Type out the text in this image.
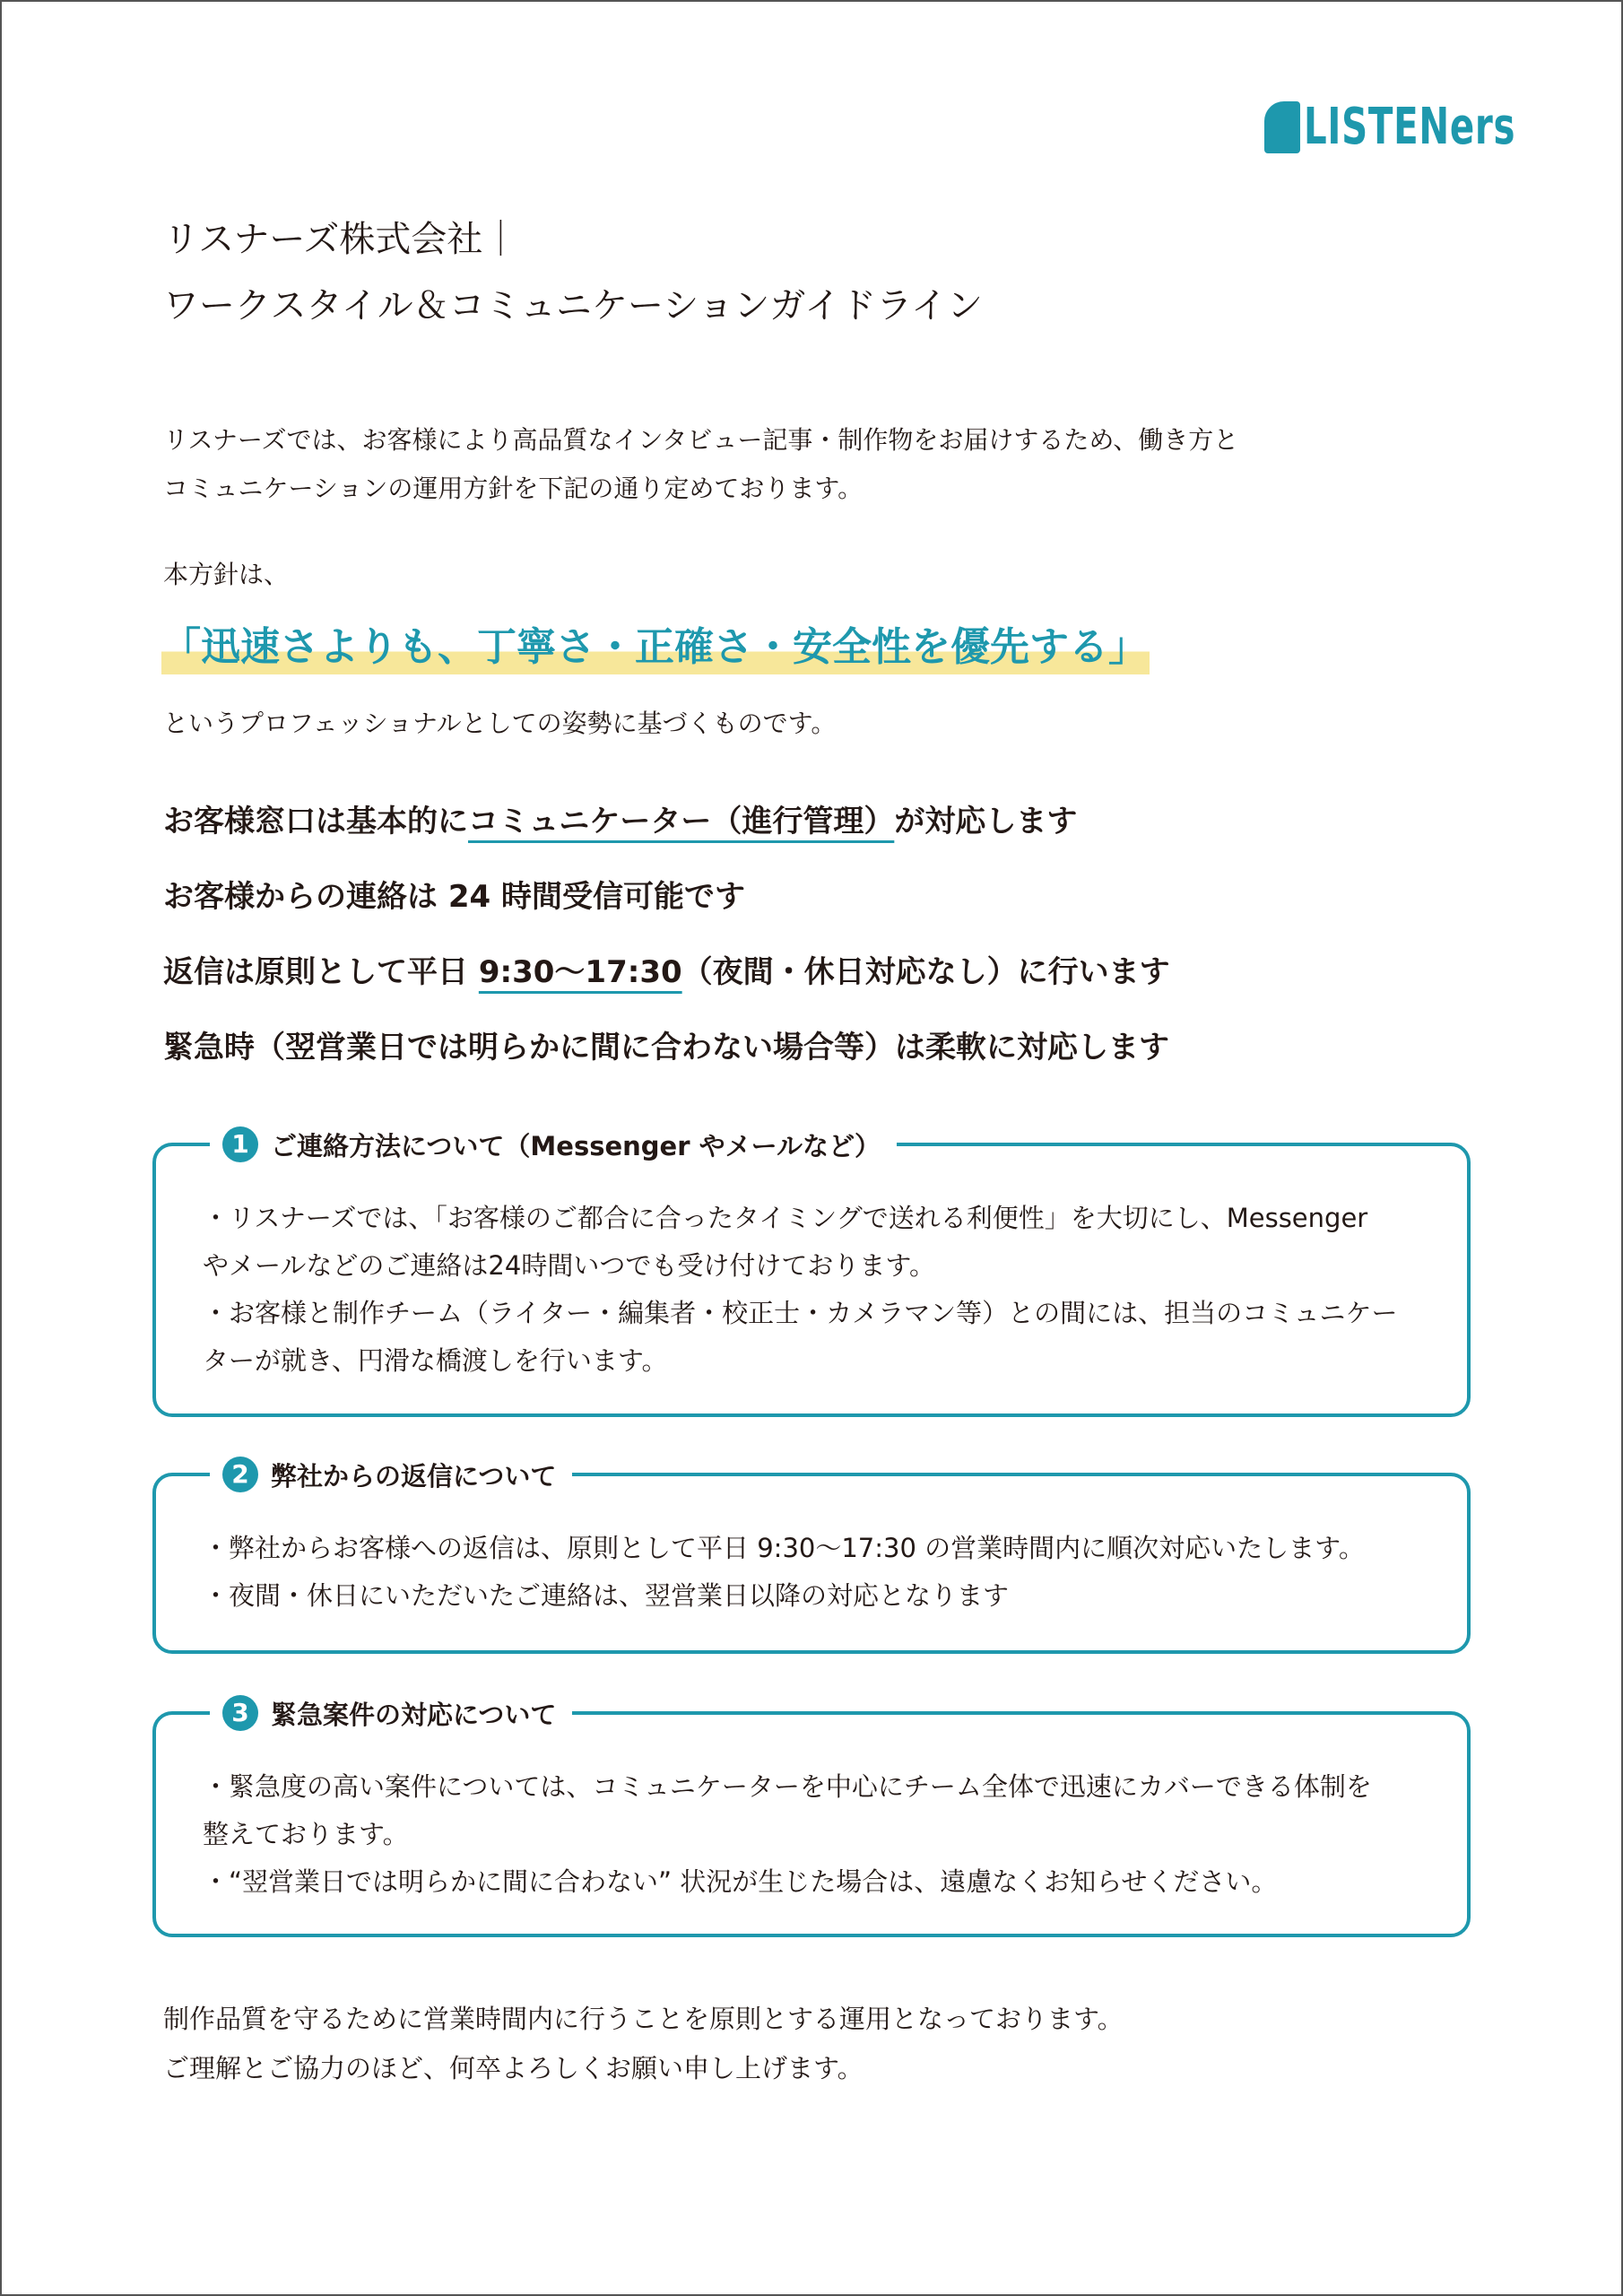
LISTENers
リスナーズ株式会社｜
ワークスタイル＆コミュニケーションガイドライン

リスナーズでは、お客様により高品質なインタビュー記事・制作物をお届けするため、働き方と

コミュニケーションの運用方針を下記の通り定めております。

本方針は、
「迅速さよりも、丁寧さ・正確さ・安全性を優先する」
というプロフェッショナルとしての姿勢に基づくものです。
お客様窓口は基本的にコミュニケーター（進行管理）が対応します
お客様からの連絡は 24 時間受信可能です
返信は原則として平日 9:30〜17:30（夜間・休日対応なし）に行います
緊急時（翌営業日では明らかに間に合わない場合等）は柔軟に対応します
1 ご連絡方法について（Messenger やメールなど）

・リスナーズでは、「お客様のご都合に合ったタイミングで送れる利便性」を大切にし、Messenger

やメールなどのご連絡は24時間いつでも受け付けております。

・お客様と制作チーム（ライター・編集者・校正士・カメラマン等）との間には、担当のコミュニケー

ターが就き、円滑な橋渡しを行います。

2 弊社からの返信について

・弊社からお客様への返信は、原則として平日 9:30〜17:30 の営業時間内に順次対応いたします。

・夜間・休日にいただいたご連絡は、翌営業日以降の対応となります

3 緊急案件の対応について

・緊急度の高い案件については、コミュニケーターを中心にチーム全体で迅速にカバーできる体制を

整えております。

・“翌営業日では明らかに間に合わない” 状況が生じた場合は、遠慮なくお知らせください。

制作品質を守るために営業時間内に行うことを原則とする運用となっております。

ご理解とご協力のほど、何卒よろしくお願い申し上げます。
